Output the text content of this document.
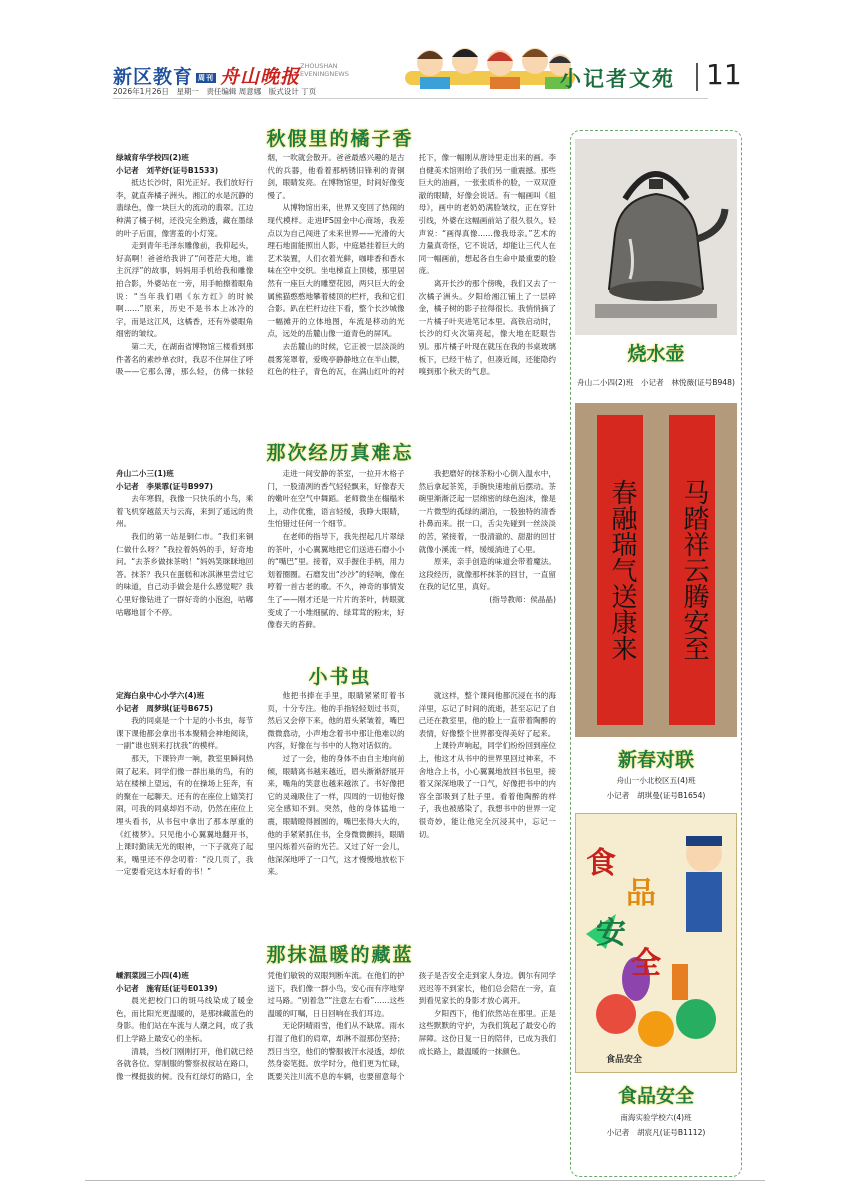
新区教育 周刊 舟山晚报 ZHOUSHAN EVENINGNEWS
2026年1月26日　星期一　责任编辑 周意娜　版式设计 丁页
小记者文苑 11
秋假里的橘子香

绿城育华学校四(2)班

小记者　刘芊妤(证号B1533)

抵达长沙时，阳光正好。我们放好行李，就直奔橘子洲头。湘江的水是沉静的翡绿色，像一块巨大的流动的翡翠。江边种满了橘子树，还没完全熟透，藏在墨绿的叶子后面，像害羞的小灯笼。

走到青年毛泽东雕像前，我仰起头，好高啊！爸爸给我讲了“问苍茫大地，谁主沉浮”的故事，妈妈用手机给我和雕像拍合影，外婆站在一旁，用手帕擦着眼角说：“当年我们唱《东方红》的时候啊……”原来，历史不是书本上冰冷的字，而是这江风，这橘香，还有外婆眼角细密的皱纹。

第二天，在湖南省博物馆三楼看到那件著名的素纱单衣时，我忍不住屏住了呼吸——它那么薄，那么轻，仿佛一抹轻烟，一吹就会散开。爸爸最感兴趣的是古代的兵器，他看着那柄锈旧锋利的青铜剑，眼睛发亮。在博物馆里，时间好像变慢了。

从博物馆出来，世界又变回了热闹的现代模样。走进IFS国金中心商场，我差点以为自己闯进了未来世界——光滑的大理石地面能照出人影，中庭悬挂着巨大的艺术装置，人们衣着光鲜，咖啡香和香水味在空中交织。坐电梯直上顶楼，那里居然有一座巨大的雕塑花园，两只巨大的金属熊猫憨憨地攀着楼顶的栏杆，我和它们合影。趴在栏杆边往下看，整个长沙城像一幅摊开的立体地图，车流是移动的光点，远处的岳麓山像一道青色的屏风。

去岳麓山的时候，它正被一层淡淡的晨雾笼罩着，爱晚亭静静地立在半山腰，红色的柱子，青色的瓦，在满山红叶的衬托下，像一幅刚从唐诗里走出来的画。李自健美术馆则给了我们另一重震撼。那些巨大的油画，一张张质朴的脸，一双双澄澈的眼睛，好像会说话。有一幅画叫《祖母》，画中的老奶奶满脸皱纹，正在穿针引线，外婆在这幅画前站了很久很久，轻声说：“画得真像……像我母亲。”艺术的力量真奇怪，它不说话，却能让三代人在同一幅画前，想起各自生命中最重要的脸庞。

离开长沙的那个傍晚，我们又去了一次橘子洲头。夕阳给湘江铺上了一层碎金，橘子树的影子拉得很长。我悄悄摘了一片橘子叶夹进笔记本里。高铁启动时，长沙的灯火次第亮起，像大地在眨眼告别。那片橘子叶现在就压在我的书桌玻璃板下，已经干枯了，但凑近闻，还能隐约嗅到那个秋天的气息。

那次经历真难忘

舟山二小三(1)班

小记者　李果霏(证号B997)

去年寒假，我像一只快乐的小鸟，乘着飞机穿越蓝天与云海，来到了遥远的贵州。

我们的第一站是铜仁市。“我们来铜仁做什么呀？”我拉着妈妈的手，好奇地问。“去茶乡做抹茶哟！”妈妈笑眯眯地回答。抹茶？我只在蛋糕和冰淇淋里尝过它的味道，自己动手做会是什么感觉呢？我心里好像钻进了一群好奇的小泡泡，咕嘟咕嘟地冒个不停。

走进一间安静的茶室，一拉开木格子门，一股清冽的香气轻轻飘来，好像春天的嫩叶在空气中舞蹈。老师微坐在榻榻米上，动作优雅，语言轻缓，我睁大眼睛，生怕错过任何一个细节。

在老师的指导下，我先捏起几片翠绿的茶叶，小心翼翼地把它们送进石磨小小的“嘴巴”里。接着，双手握住手柄，用力划着圈圈。石磨发出“沙沙”的轻响，像在哼着一首古老的歌。不久，神奇的事情发生了——刚才还是一片片的茶叶，转眼就变成了一小堆细腻的、绿茸茸的粉末，好像春天的苔藓。

我把磨好的抹茶粉小心倒入温水中，然后拿起茶筅，手腕快速地前后摆动。茶碗里渐渐泛起一层绵密的绿色泡沫，像是一片微型的孤绿的湖泊，一股独特的清香扑鼻而来。抿一口，舌尖先碰到一丝淡淡的苦，紧接着，一股清澈的、甜甜的回甘就像小溪流一样，缓缓淌进了心里。

原来，亲手创造的味道会带着魔法。这段经历，就像那杯抹茶的回甘，一直留在我的记忆里，真好。

(指导教师：侯晶晶)

小书虫

定海白泉中心小学六(4)班

小记者　周梦琪(证号B675)

我的同桌是一个十足的小书虫，每节课下课他都会拿出书本聚精会神地阅读，一副“谁也别来打扰我”的模样。

那天，下课铃声一响，教室里瞬间热闹了起来。同学们像一群出巢的鸟，有的站在楼梯上望远，有的在操场上狂奔，有的聚在一起聊天。还有的在座位上嬉笑打闹，可我的同桌却岿不动，仍然在座位上埋头看书，从书包中拿出了那本厚重的《红楼梦》。只见他小心翼翼地翻开书，上课时勤读无光的眼神，一下子就亮了起来，嘴里还不停念叨着：“没几页了，我一定要看完这本好看的书！”

他把书捧在手里，眼睛紧紧盯着书页，十分专注。他的手指轻轻划过书页，然后又会停下来，他的眉头紧皱着，嘴巴微微翕动，小声地念着书中那让他难以的内容，好像在与书中的人物对话似的。

过了一会，他的身体不由自主地向前倾，眼睛离书越来越近，眉头渐渐舒展开来，嘴角的笑意也越来越浓了。书好像把它的灵魂吸住了一样，四周的一切他好像完全感知不到。突然，他的身体猛地一震，眼睛瞪得圆圆的，嘴巴张得大大的，他的手紧紧抓住书，全身微微颤抖，眼睛里闪烁着兴奋的光芒。又过了好一会儿，他深深地呼了一口气，这才慢慢地放松下来。

就这样，整个课间他都沉浸在书的海洋里，忘记了时间的流逝，甚至忘记了自己还在教室里，他的脸上一直带着陶醉的表情，好像整个世界都变得美好了起来。

上课铃声响起，同学们纷纷回到座位上，他这才从书中的世界里回过神来，不舍地合上书，小心翼翼地放回书包里，接着又深深地吸了一口气，好像把书中的内容全部吸到了肚子里。看着他陶醉的样子，我也被感染了，我想书中的世界一定很奇妙，能让他完全沉浸其中，忘记一切。

那抹温暖的藏蓝

嵊泗菜园三小四(4)班

小记者　施宥廷(证号E0139)

晨光把校门口的斑马线染成了暖金色，而比阳光更温暖的，是那抹藏蓝色的身影。他们站在车流与人潮之间，成了我们上学路上最安心的坐标。

清晨，当校门刚刚打开，他们就已经各就各位。穿制服的警察叔叔站在路口，像一棵挺拔的树。没有红绿灯的路口，全凭他们敏锐的双眼判断车流。在他们的护送下，我们像一群小鸟，安心而有序地穿过马路。“别着急”“注意左右看”……这些温暖的叮嘱，日日回响在我们耳边。

无论阴晴雨雪，他们从不缺席。雨水打湿了他们的肩章，却淋不湿那份坚持；烈日当空，他们的警服被汗水浸透，却依然身姿笔挺。放学时分，他们更为忙碌，既要关注川流不息的车辆，也要留意每个孩子是否安全走到家人身边。偶尔有同学迟迟等不到家长，他们总会陪在一旁，直到看见家长的身影才放心离开。

夕阳西下，他们依然站在那里。正是这些默默的守护，为我们筑起了最安心的屏障。这份日复一日的陪伴，已成为我们成长路上，最温暖的一抹颜色。

烧水壶
舟山二小四(2)班　小记者　林悦薇(证号B948)
春融瑞气送康来	马踏祥云腾安至
新春对联
舟山一小北校区五(4)班
小记者　胡琪曼(证号B1654)
食
品
安
全
食品安全
食品安全
南海实验学校六(4)班
小记者　胡宸凡(证号B1112)
